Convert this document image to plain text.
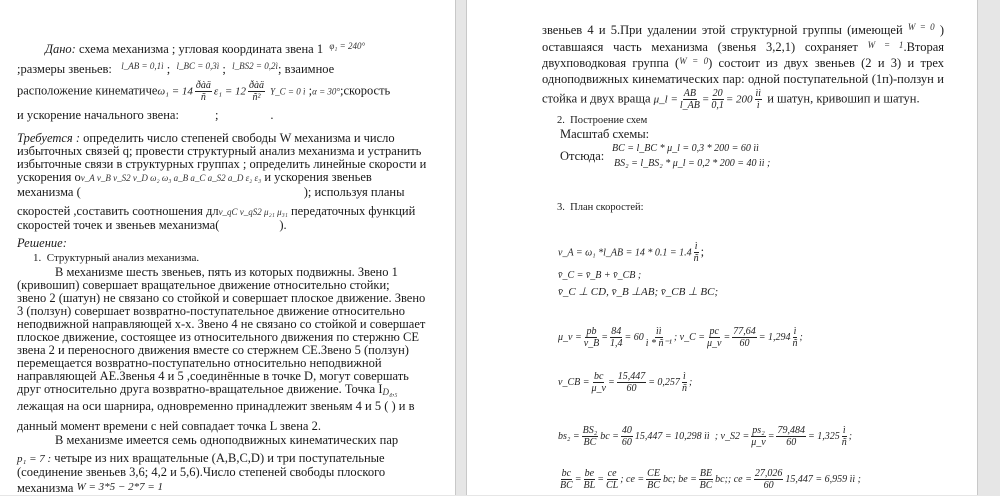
Дано: схема механизма ; угловая координата звена 1 $^{\varphi_1 = 240^\circ}$
;размеры звеньев: $^{l\_AB = 0,1ì}$ ;  $^{l\_BC = 0,3ì}$ ;  $^{l\_BS2 = 0,2ì}$; взаимное
расположение кинематичеω₁ = 14 ðàä
ñ
ε₁ = 12 ðàä
ñ²
Y_C = 0 ì ;α = 30°;скорость
и ускорение начального звена:	;	.
Требуется : определить число степеней свободы W механизма и число
избыточных связей q; провести структурный анализ механизма и устранить
избыточные связи в структурных группах ; определить линейные скорости и
ускорения оv_A v_B v_S2 v_D ω₂ ω₃ a_B a_C a_S2 a_D ε₂ ε₃ и ускорения звеньев
механизма (	); используя планы
скоростей ,составить соотношения длv_qC v_qS2 μ₂₁ μ₃₁ передаточных функций
скоростей точек и звеньев механизма(	).
Решение:
1. Структурный анализ механизма.
В механизме шесть звеньев, пять из которых подвижны. Звено 1
(кривошип) совершает вращательное движение относительно стойки;
звено 2 (шатун) не связано со стойкой и совершает плоское движение. Звено
3 (ползун) совершает возвратно-поступательное движение относительно
неподвижной направляющей x-x. Звено 4 не связано со стойкой и совершает
плоское движение, состоящее из относительного движения по стержню CE
звена 2 и переносного движения вместе со стержнем CE.Звено 5 (ползун)
перемещается возвратно-поступательно относительно неподвижной
направляющей AE.Звенья 4 и 5 ,соединённые в точке D, могут совершать
друг относительно друга возвратно-вращательное движение. Точка ID₄,₅
лежащая на оси шарнира, одновременно принадлежит звеньям 4 и 5 ( ) и в
данный момент времени с ней совпадает точка L звена 2.
В механизме имеется семь одноподвижных кинематических пар
p₁ = 7 : четыре из них вращательные (A,B,C,D) и три поступательные
(соединение звеньев 3,6; 4,2 и 5,6).Число степеней свободы плоского
механизма W = 3*5 − 2*7 = 1
звеньев 4 и 5.При удалении этой структурной группы (имеющей $^{W = 0}$ )
оставшаяся часть механизма (звенья 3,2,1) сохраняет $^{W = 1}$.Вторая
двухповодковая группа ($^{W = 0}$) состоит из двух звеньев (2 и 3) и трех
одноподвижных кинематических пар: одной поступательной (1п)-ползун и
стойка и двух враща μ_l = $\frac{AB}{l\_AB} = \frac{20}{0,1} = 200 \frac{ìì}{ì}$ и шатун, кривошип и шатун.
2. Построение схем
Масштаб схемы:
Отсюда:
BC = l_BC * μ_l = 0,3 * 200 = 60 ìì
BS₂ = l_BS₂ * μ_l = 0,2 * 200 = 40 ìì ;
3. План скоростей:
v_A = ω₁ *l_AB = $14 * 0.1 = 1.4 \frac{ì}{ñ}$ ;
v̄_C = v̄_B + v̄_CB ;
v̄_C ⊥ CD, v̄_B ⊥AB; v̄_CB ⊥ BC;
μ_v = $\frac{pb}{v\_B} = \frac{84}{1,4} = 60 \frac{ìì}{\text{ì * ñ⁻¹}}$ ; v_C = $\frac{pc}{\mu\_v} = \frac{77,64}{60} = 1,294 \frac{ì}{ñ}$ ;
v_CB = $\frac{bc}{\mu\_v} = \frac{15,447}{60} = 0,257 \frac{ì}{ñ}$ ;
$bs_2 = \frac{\text{BS₂}}{BC}$ bc = $\frac{40}{60} 15,447 = 10,298$ ìì ; v_S2 = $\frac{\text{ps₂}}{\mu\_v} = \frac{79,484}{60} = 1,325 \frac{ì}{ñ}$ ;
$\frac{bc}{BC} = \frac{be}{BL} = \frac{ce}{CL}$ ; ce = $\frac{CE}{BC}$ bc; be = $\frac{BE}{BC}$ bc;; ce = $\frac{27,026}{60} 15,447 = 6,959$ ìì ;
